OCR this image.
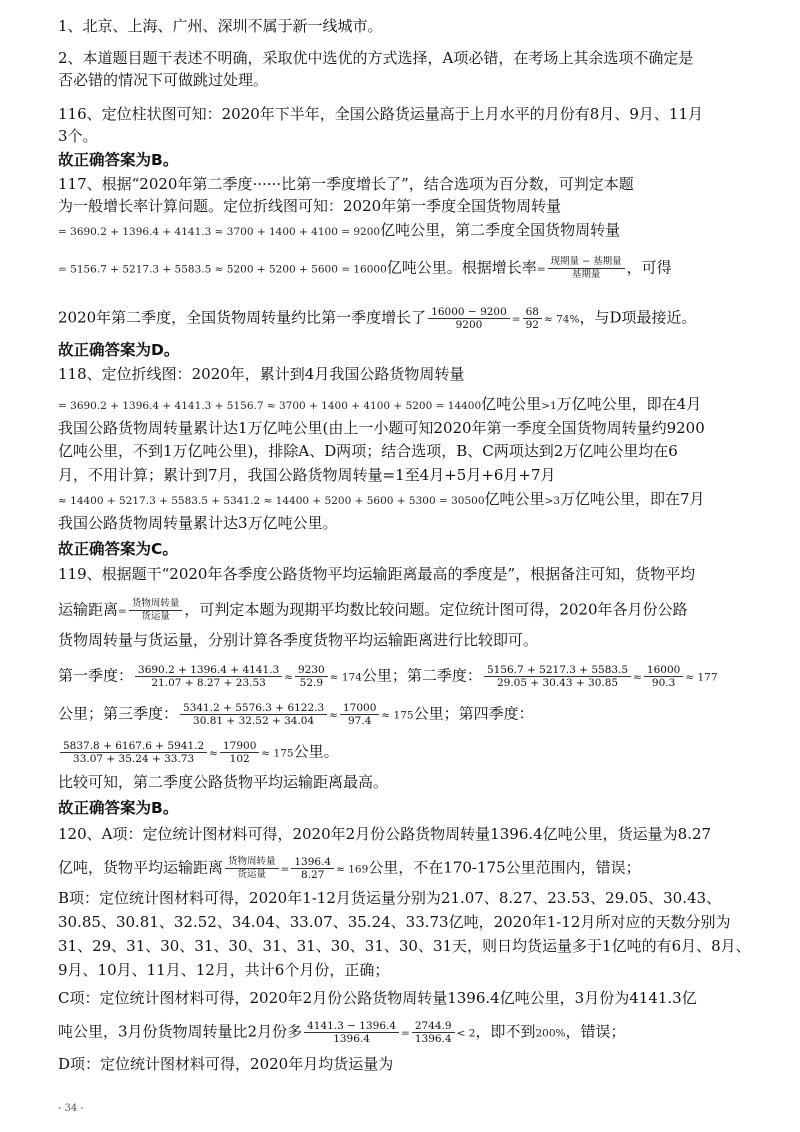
1、北京、上海、广州、深圳不属于新一线城市。
2、本道题目题干表述不明确，采取优中选优的方式选择，A项必错，在考场上其余选项不确定是
否必错的情况下可做跳过处理。
116、定位柱状图可知：2020年下半年，全国公路货运量高于上月水平的月份有8月、9月、11月
3个。
故正确答案为B。
117、根据“2020年第二季度······比第一季度增长了”，结合选项为百分数，可判定本题
为一般增长率计算问题。定位折线图可知：2020年第一季度全国货物周转量
= 3690.2 + 1396.4 + 4141.3 ≈ 3700 + 1400 + 4100 = 9200亿吨公里，第二季度全国货物周转量
= 5156.7 + 5217.3 + 5583.5 ≈ 5200 + 5200 + 5600 = 16000亿吨公里。根据增长率=
现期量 − 基期量
基期量	，可得
2020年第二季度，全国货物周转量约比第一季度增长了 $\frac{16000 - 9200}{9200} = \frac{68}{92} \approx 74\%$，与D项最接近。
故正确答案为D。
118、定位折线图：2020年，累计到4月我国公路货物周转量
= 3690.2 + 1396.4 + 4141.3 + 5156.7 ≈ 3700 + 1400 + 4100 + 5200 = 14400亿吨公里>1万亿吨公里，即在4月
我国公路货物周转量累计达1万亿吨公里(由上一小题可知2020年第一季度全国货物周转量约9200
亿吨公里，不到1万亿吨公里)，排除A、D两项；结合选项，B、C两项达到2万亿吨公里均在6
月，不用计算；累计到7月，我国公路货物周转量=1至4月+5月+6月+7月
≈ 14400 + 5217.3 + 5583.5 + 5341.2 ≈ 14400 + 5200 + 5600 + 5300 = 30500亿吨公里>3万亿吨公里，即在7月
我国公路货物周转量累计达3万亿吨公里。
故正确答案为C。
119、根据题干“2020年各季度公路货物平均运输距离最高的季度是”，根据备注可知，货物平均
运输距离=
货物周转量
货运量 ，可判定本题为现期平均数比较问题。定位统计图可得，2020年各月份公路
货物周转量与货运量，分别计算各季度货物平均运输距离进行比较即可。
第一季度： $\frac{3690.2 + 1396.4 + 4141.3}{21.07 + 8.27 + 23.53} \approx \frac{9230}{52.9} \approx 174$公里；第二季度： $\frac{5156.7 + 5217.3 + 5583.5}{29.05 + 30.43 + 30.85} \approx \frac{16000}{90.3} \approx 177$
公里；第三季度： $\frac{5341.2 + 5576.3 + 6122.3}{30.81 + 32.52 + 34.04} \approx \frac{17000}{97.4} \approx 175$公里；第四季度：
$\frac{5837.8 + 6167.6 + 5941.2}{33.07 + 35.24 + 33.73} \approx \frac{17900}{102} \approx 175$公里。
比较可知，第二季度公路货物平均运输距离最高。
故正确答案为B。
120、A项：定位统计图材料可得，2020年2月份公路货物周转量1396.4亿吨公里，货运量为8.27
亿吨，货物平均运输距离 货物周转量
货运量	= $\frac{1396.4}{8.27} \approx 169$公里，不在170-175公里范围内，错误；
B项：定位统计图材料可得，2020年1-12月货运量分别为21.07、8.27、23.53、29.05、30.43、
30.85、30.81、32.52、34.04、33.07、35.24、33.73亿吨，2020年1-12月所对应的天数分别为
31、29、31、30、31、30、31、31、30、31、30、31天，则日均货运量多于1亿吨的有6月、8月、
9月、10月、11月、12月，共计6个月份，正确；
C项：定位统计图材料可得，2020年2月份公路货物周转量1396.4亿吨公里，3月份为4141.3亿
吨公里，3月份货物周转量比2月份多 $\frac{4141.3 - 1396.4}{1396.4} = \frac{2744.9}{1396.4} < 2$，即不到200%，错误；
D项：定位统计图材料可得，2020年月均货运量为
- 34 -
